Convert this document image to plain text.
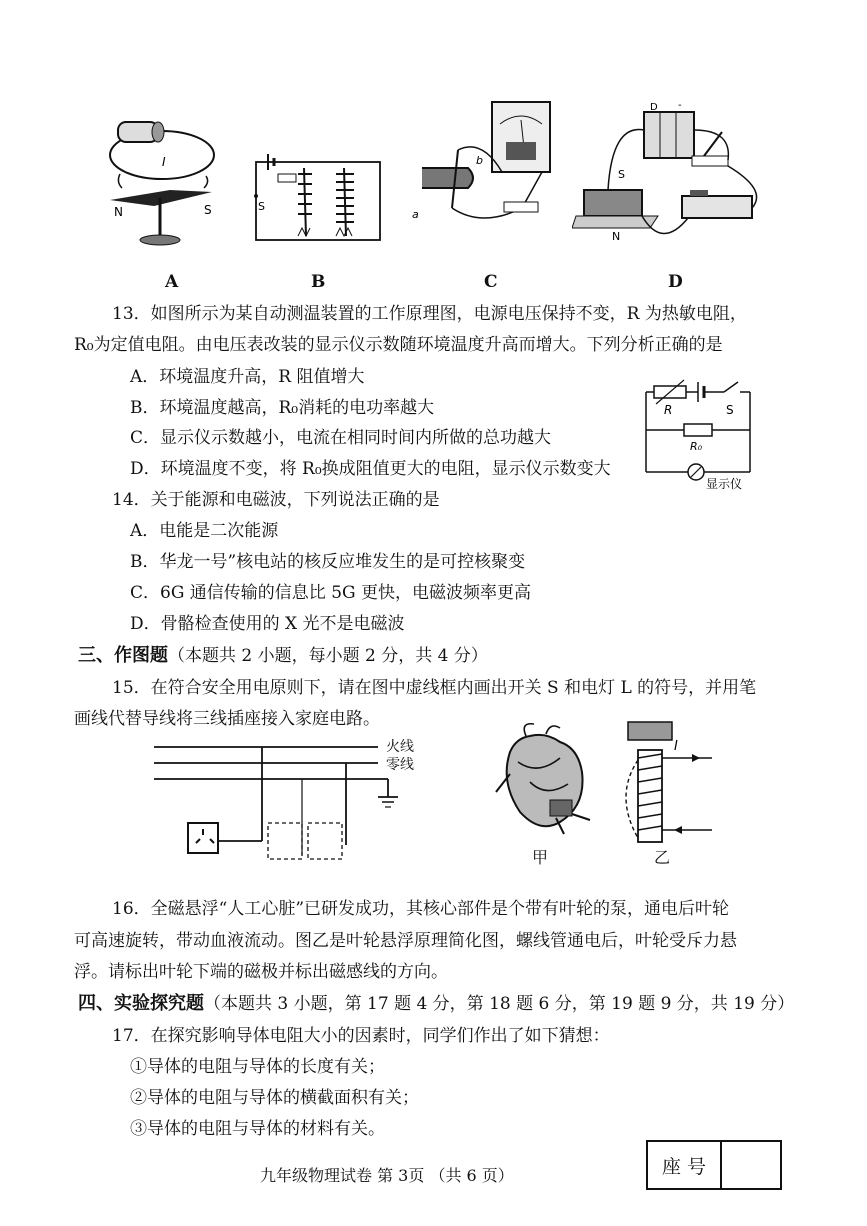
I
N	S	S
a
b
D -
S
N
A	B	C	D
13．如图所示为某自动测温装置的工作原理图，电源电压保持不变，R 为热敏电阻，
R₀为定值电阻。由电压表改装的显示仪示数随环境温度升高而增大。下列分析正确的是
A．环境温度升高，R 阻值增大
B．环境温度越高，R₀消耗的电功率越大
C．显示仪示数越小，电流在相同时间内所做的总功越大
D．环境温度不变，将 R₀换成阻值更大的电阻，显示仪示数变大
R	S
R₀
显示仪
14．关于能源和电磁波，下列说法正确的是
A．电能是二次能源
B．华龙一号”核电站的核反应堆发生的是可控核聚变
C．6G 通信传输的信息比 5G 更快，电磁波频率更高
D．骨骼检查使用的 X 光不是电磁波
三、作图题（本题共 2 小题，每小题 2 分，共 4 分）
15．在符合安全用电原则下，请在图中虚线框内画出开关 S 和电灯 L 的符号，并用笔
画线代替导线将三线插座接入家庭电路。
火线
零线
甲
I
乙
16．全磁悬浮“人工心脏”已研发成功，其核心部件是个带有叶轮的泵，通电后叶轮
可高速旋转，带动血液流动。图乙是叶轮悬浮原理简化图，螺线管通电后，叶轮受斥力悬
浮。请标出叶轮下端的磁极并标出磁感线的方向。
四、实验探究题（本题共 3 小题，第 17 题 4 分，第 18 题 6 分，第 19 题 9 分，共 19 分）
17．在探究影响导体电阻大小的因素时，同学们作出了如下猜想：
①导体的电阻与导体的长度有关；
②导体的电阻与导体的横截面积有关；
③导体的电阻与导体的材料有关。
九年级物理试卷 第 3页 （共 6 页）	座 号
